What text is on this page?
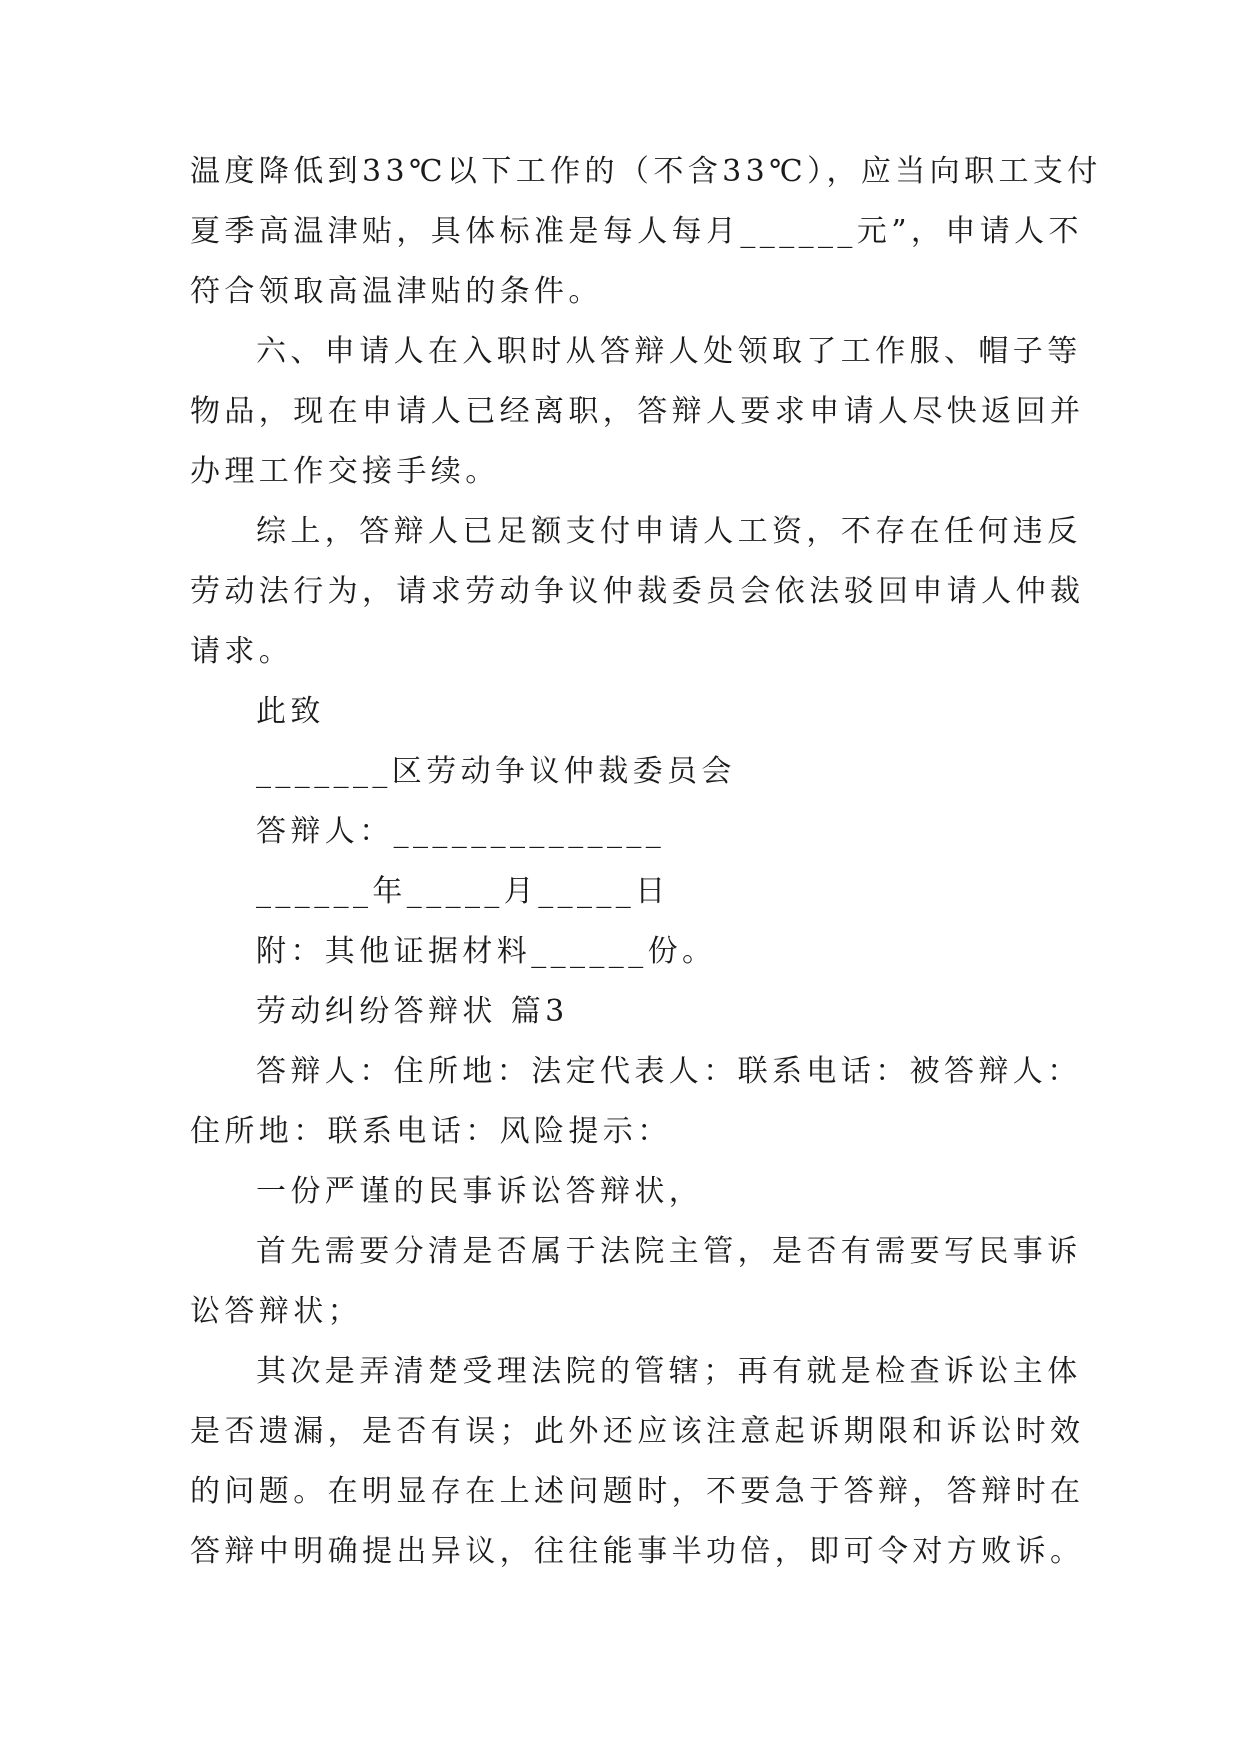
温度降低到33℃以下工作的（不含33℃），应当向职工支付
夏季高温津贴，具体标准是每人每月______元”，申请人不
符合领取高温津贴的条件。
六、申请人在入职时从答辩人处领取了工作服、帽子等
物品，现在申请人已经离职，答辩人要求申请人尽快返回并
办理工作交接手续。
综上，答辩人已足额支付申请人工资，不存在任何违反
劳动法行为，请求劳动争议仲裁委员会依法驳回申请人仲裁
请求。
此致
_______区劳动争议仲裁委员会
答辩人：______________
______年_____月_____日
附：其他证据材料______份。
劳动纠纷答辩状 篇3
答辩人：住所地：法定代表人：联系电话：被答辩人：
住所地：联系电话：风险提示：
一份严谨的民事诉讼答辩状，
首先需要分清是否属于法院主管，是否有需要写民事诉
讼答辩状；
其次是弄清楚受理法院的管辖；再有就是检查诉讼主体
是否遗漏，是否有误；此外还应该注意起诉期限和诉讼时效
的问题。在明显存在上述问题时，不要急于答辩，答辩时在
答辩中明确提出异议，往往能事半功倍，即可令对方败诉。
